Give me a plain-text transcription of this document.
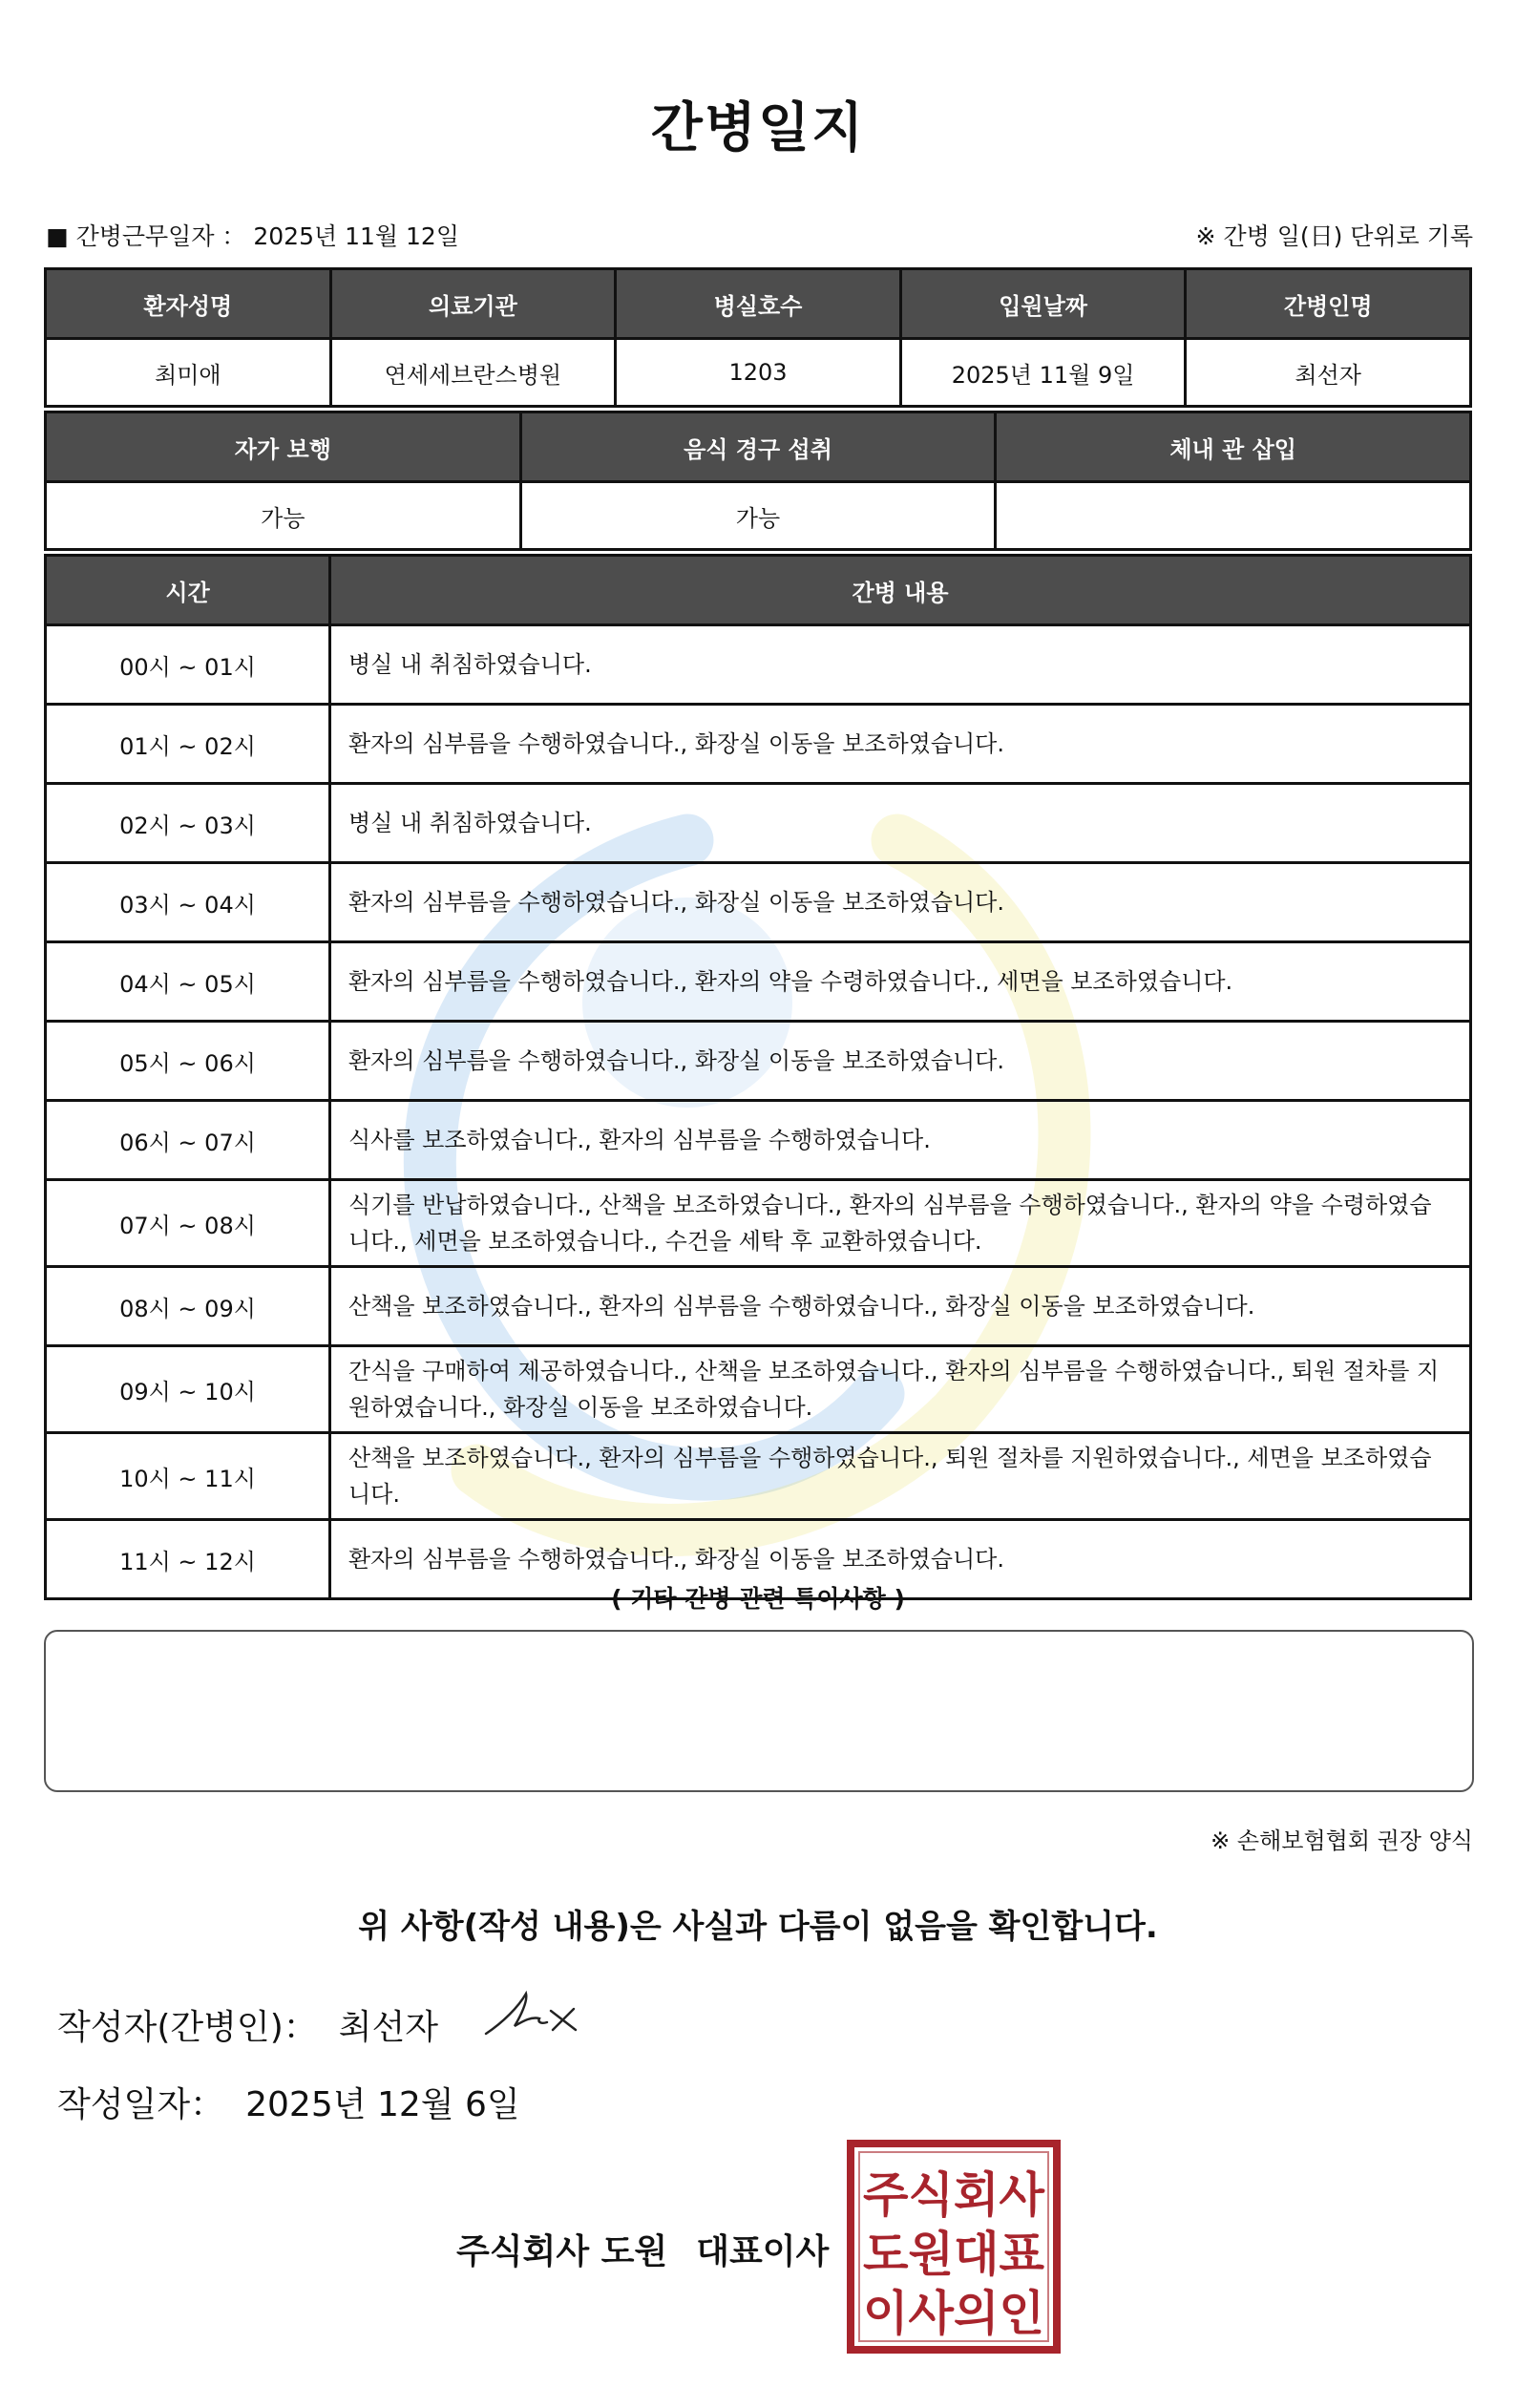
간병일지
■ 간병근무일자 ： 2025년 11월 12일	※ 간병 일(日) 단위로 기록
환자성명	의료기관	병실호수	입원날짜	간병인명
최미애	연세세브란스병원	1203	2025년 11월 9일	최선자
자가 보행	음식 경구 섭취	체내 관 삽입
가능	가능	
시간	간병 내용
00시 ~ 01시	병실 내 취침하였습니다.
01시 ~ 02시	환자의 심부름을 수행하였습니다., 화장실 이동을 보조하였습니다.
02시 ~ 03시	병실 내 취침하였습니다.
03시 ~ 04시	환자의 심부름을 수행하였습니다., 화장실 이동을 보조하였습니다.
04시 ~ 05시	환자의 심부름을 수행하였습니다., 환자의 약을 수령하였습니다., 세면을 보조하였습니다.
05시 ~ 06시	환자의 심부름을 수행하였습니다., 화장실 이동을 보조하였습니다.
06시 ~ 07시	식사를 보조하였습니다., 환자의 심부름을 수행하였습니다.
07시 ~ 08시	식기를 반납하였습니다., 산책을 보조하였습니다., 환자의 심부름을 수행하였습니다., 환자의 약을 수령하였습니다., 세면을 보조하였습니다., 수건을 세탁 후 교환하였습니다.
08시 ~ 09시	산책을 보조하였습니다., 환자의 심부름을 수행하였습니다., 화장실 이동을 보조하였습니다.
09시 ~ 10시	간식을 구매하여 제공하였습니다., 산책을 보조하였습니다., 환자의 심부름을 수행하였습니다., 퇴원 절차를 지원하였습니다., 화장실 이동을 보조하였습니다.
10시 ~ 11시	산책을 보조하였습니다., 환자의 심부름을 수행하였습니다., 퇴원 절차를 지원하였습니다., 세면을 보조하였습니다.
11시 ~ 12시	환자의 심부름을 수행하였습니다., 화장실 이동을 보조하였습니다.
( 기타 간병 관련 특이사항 )
※ 손해보험협회 권장 양식
위 사항(작성 내용)은 사실과 다름이 없음을 확인합니다.
작성자(간병인)： 최선자
작성일자： 2025년 12월 6일
주식회사 도원 대표이사
주식회사
도원대표
이사의인
